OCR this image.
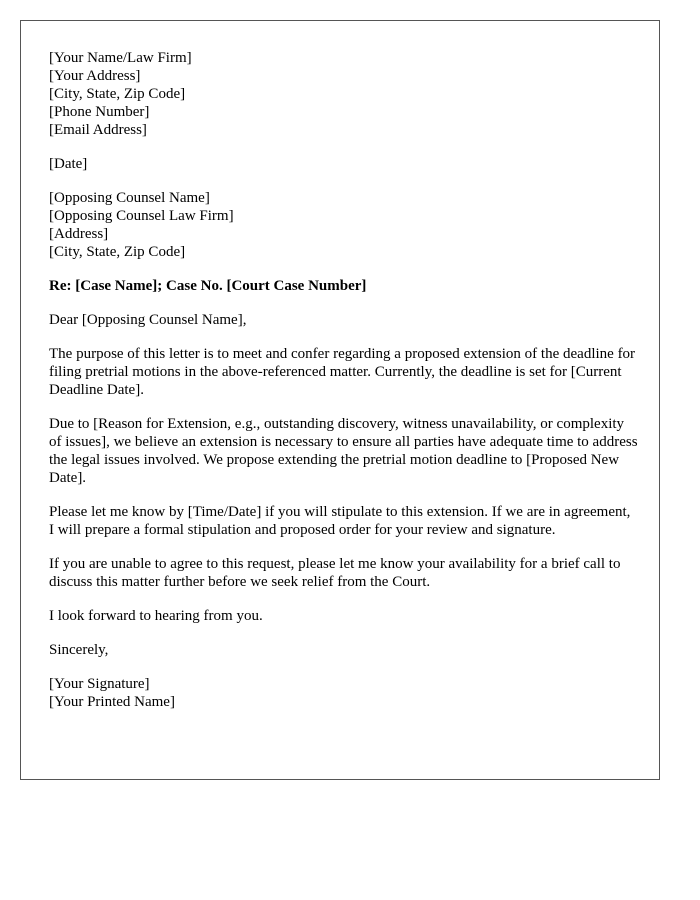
[Your Name/Law Firm]
[Your Address]
[City, State, Zip Code]
[Phone Number]
[Email Address]
[Date]
[Opposing Counsel Name]
[Opposing Counsel Law Firm]
[Address]
[City, State, Zip Code]
Re: [Case Name]; Case No. [Court Case Number]

Dear [Opposing Counsel Name],

The purpose of this letter is to meet and confer regarding a proposed extension of the deadline for filing pretrial motions in the above-referenced matter. Currently, the deadline is set for [Current Deadline Date].

Due to [Reason for Extension, e.g., outstanding discovery, witness unavailability, or complexity of issues], we believe an extension is necessary to ensure all parties have adequate time to address the legal issues involved. We propose extending the pretrial motion deadline to [Proposed New Date].

Please let me know by [Time/Date] if you will stipulate to this extension. If we are in agreement, I will prepare a formal stipulation and proposed order for your review and signature.

If you are unable to agree to this request, please let me know your availability for a brief call to discuss this matter further before we seek relief from the Court.

I look forward to hearing from you.

Sincerely,

[Your Signature]
[Your Printed Name]
